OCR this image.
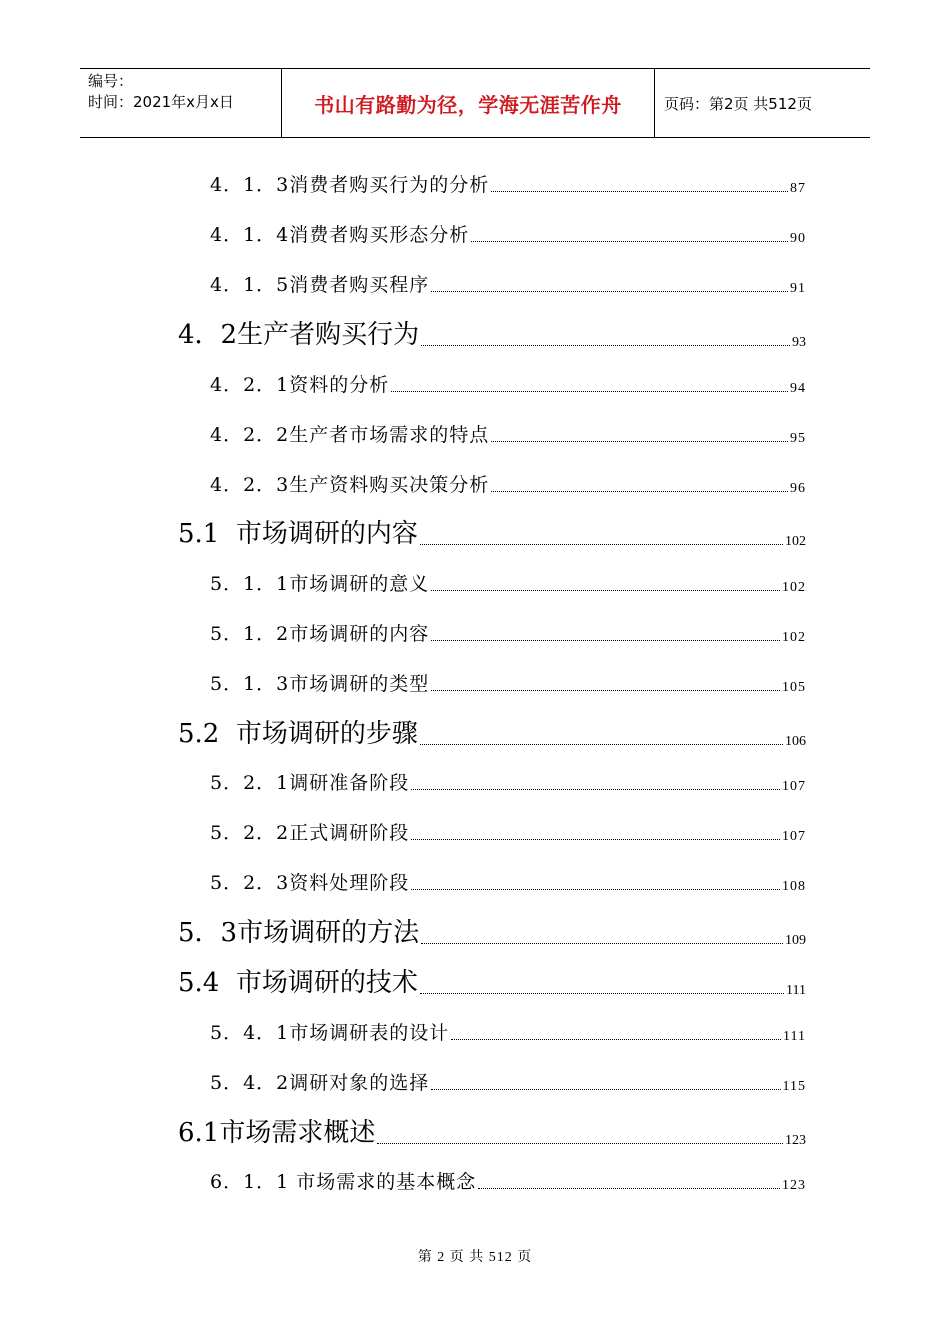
编号：
时间：2021年x月x日	书山有路勤为径，学海无涯苦作舟	页码：第2页 共512页
4．1．3消费者购买行为的分析	87
4．1．4消费者购买形态分析	90
4．1．5消费者购买程序	91
4．2生产者购买行为	93
4．2．1资料的分析	94
4．2．2生产者市场需求的特点	95
4．2．3生产资料购买决策分析	96
5.1  市场调研的内容	102
5．1．1市场调研的意义	102
5．1．2市场调研的内容	102
5．1．3市场调研的类型	105
5.2  市场调研的步骤	106
5．2．1调研准备阶段	107
5．2．2正式调研阶段	107
5．2．3资料处理阶段	108
5．3市场调研的方法	109
5.4  市场调研的技术	111
5．4．1市场调研表的设计	111
5．4．2调研对象的选择	115
6.1市场需求概述	123
6．1．1 市场需求的基本概念	123
第 2 页 共 512 页
